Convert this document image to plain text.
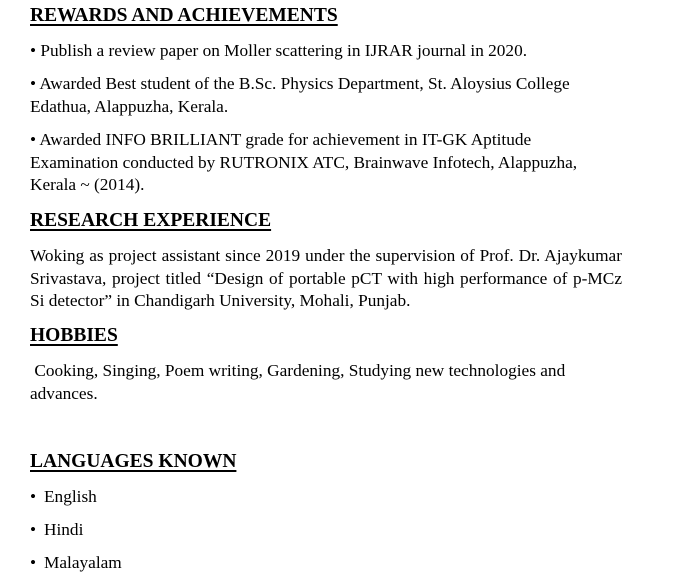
REWARDS AND ACHIEVEMENTS

• Publish a review paper on Moller scattering in IJRAR journal in 2020.

• Awarded Best student of the B.Sc. Physics Department, St. Aloysius College Edathua, Alappuzha, Kerala.

• Awarded INFO BRILLIANT grade for achievement in IT-GK Aptitude Examination conducted by RUTRONIX ATC, Brainwave Infotech, Alappuzha, Kerala ~ (2014).

RESEARCH EXPERIENCE

Woking as project assistant since 2019 under the supervision of Prof. Dr. Ajaykumar Srivastava, project titled “Design of portable pCT with high performance of p-MCz Si detector” in Chandigarh University, Mohali, Punjab.

HOBBIES

Cooking, Singing, Poem writing, Gardening, Studying new technologies and advances.

LANGUAGES KNOWN

• English

• Hindi

• Malayalam
